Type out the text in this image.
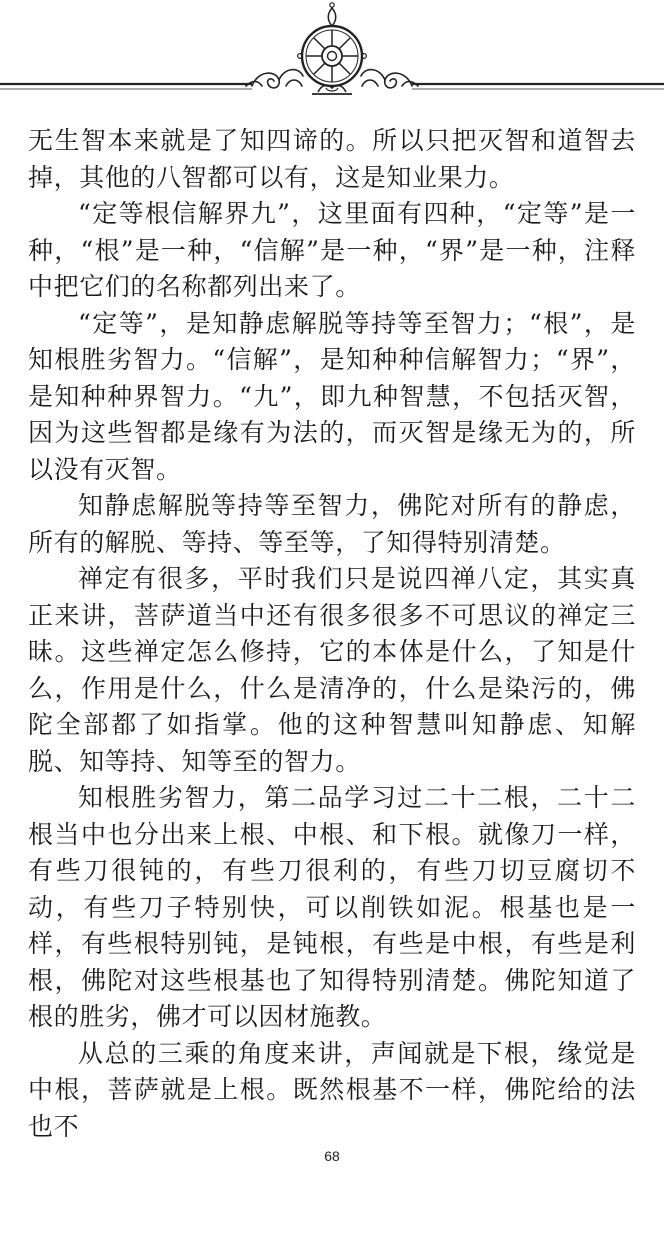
无生智本来就是了知四谛的。所以只把灭智和道智去掉，其他的八智都可以有，这是知业果力。

“定等根信解界九”，这里面有四种，“定等”是一种，“根”是一种，“信解”是一种，“界”是一种，注释中把它们的名称都列出来了。

“定等”，是知静虑解脱等持等至智力；“根”，是知根胜劣智力。“信解”，是知种种信解智力；“界”，是知种种界智力。“九”，即九种智慧，不包括灭智，因为这些智都是缘有为法的，而灭智是缘无为的，所以没有灭智。

知静虑解脱等持等至智力，佛陀对所有的静虑，所有的解脱、等持、等至等，了知得特别清楚。

禅定有很多，平时我们只是说四禅八定，其实真正来讲，菩萨道当中还有很多很多不可思议的禅定三昧。这些禅定怎么修持，它的本体是什么，了知是什么，作用是什么，什么是清净的，什么是染污的，佛陀全部都了如指掌。他的这种智慧叫知静虑、知解脱、知等持、知等至的智力。

知根胜劣智力，第二品学习过二十二根，二十二根当中也分出来上根、中根、和下根。就像刀一样，有些刀很钝的，有些刀很利的，有些刀切豆腐切不动，有些刀子特别快，可以削铁如泥。根基也是一样，有些根特别钝，是钝根，有些是中根，有些是利根，佛陀对这些根基也了知得特别清楚。佛陀知道了根的胜劣，佛才可以因材施教。

从总的三乘的角度来讲，声闻就是下根，缘觉是中根，菩萨就是上根。既然根基不一样，佛陀给的法也不

68
